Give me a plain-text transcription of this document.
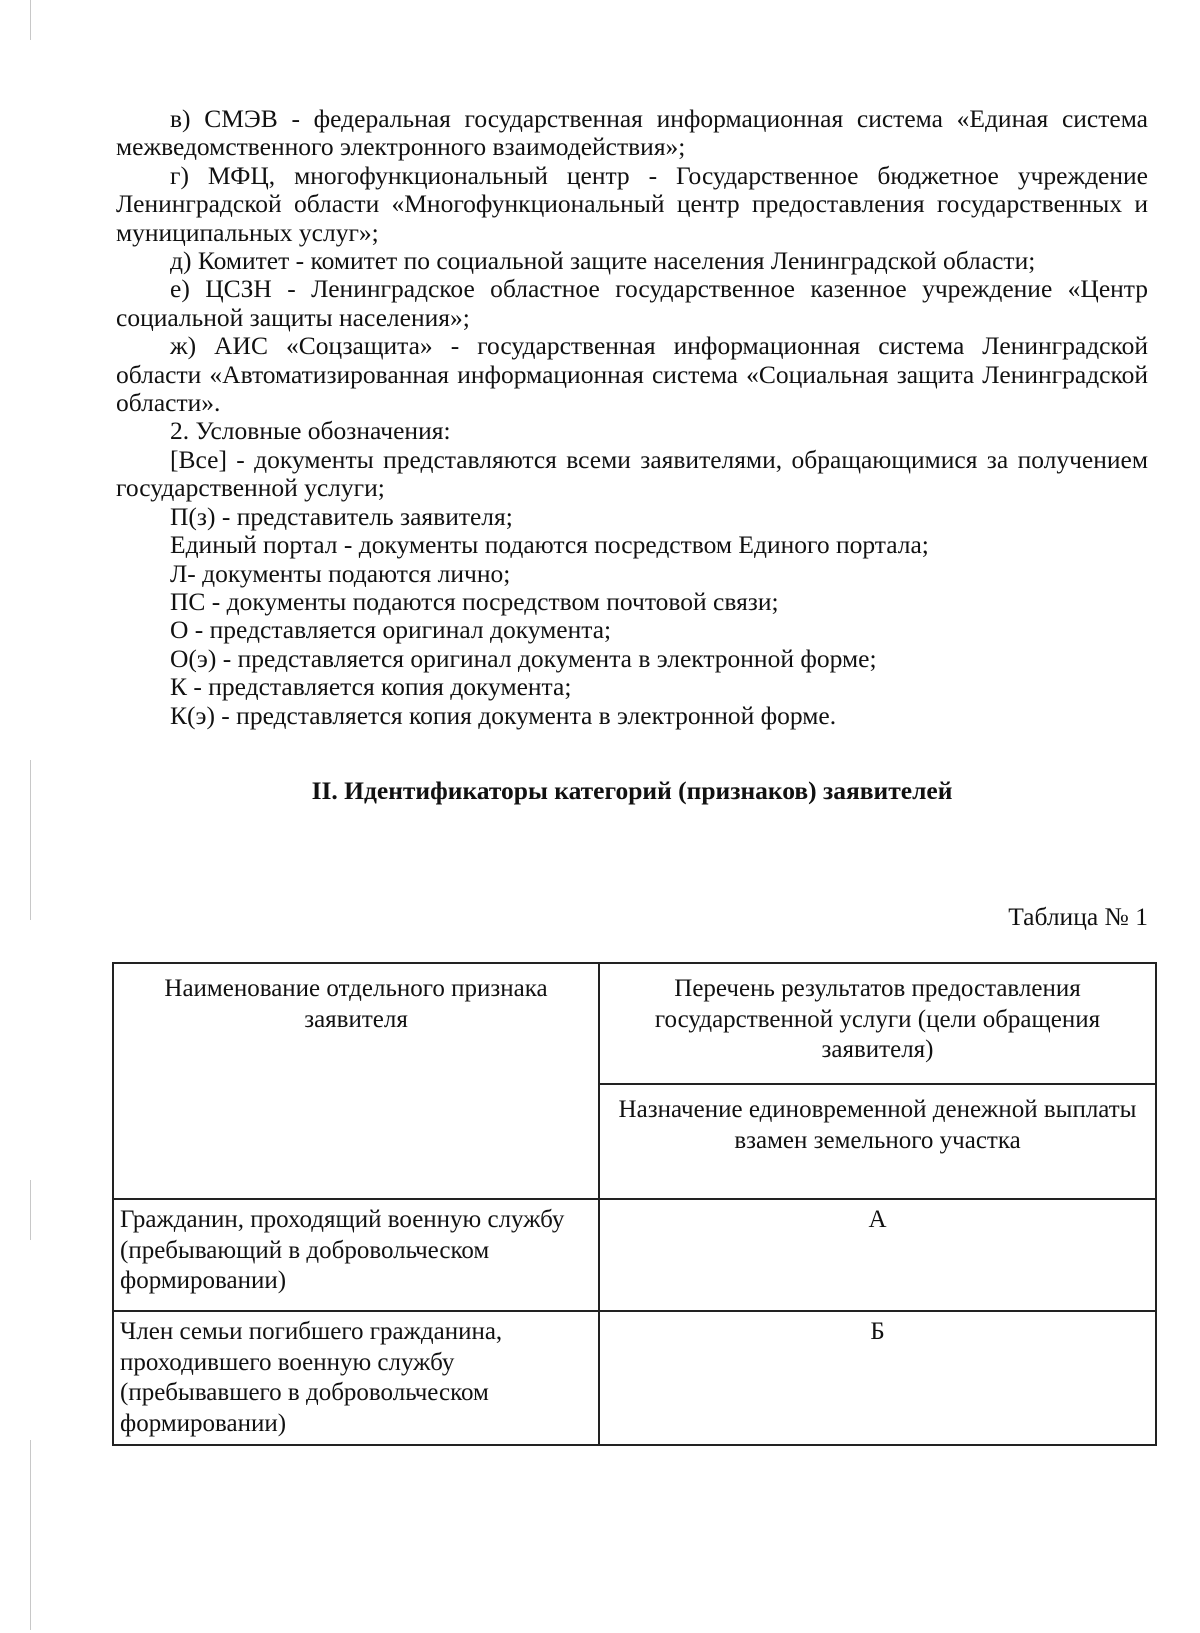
в) СМЭВ - федеральная государственная информационная система «Единая система межведомственного электронного взаимодействия»;

г) МФЦ, многофункциональный центр - Государственное бюджетное учреждение Ленинградской области «Многофункциональный центр предоставления государственных и муниципальных услуг»;

д) Комитет - комитет по социальной защите населения Ленинградской области;

е) ЦСЗН - Ленинградское областное государственное казенное учреждение «Центр социальной защиты населения»;

ж) АИС «Соцзащита» - государственная информационная система Ленинградской области «Автоматизированная информационная система «Социальная защита Ленинградской области».

2. Условные обозначения:

[Все] - документы представляются всеми заявителями, обращающимися за получением государственной услуги;

П(з) - представитель заявителя;

Единый портал - документы подаются посредством Единого портала;

Л- документы подаются лично;

ПС - документы подаются посредством почтовой связи;

О - представляется оригинал документа;

О(э) - представляется оригинал документа в электронной форме;

К - представляется копия документа;

К(э) - представляется копия документа в электронной форме.

II. Идентификаторы категорий (признаков) заявителей

Таблица № 1

Наименование отдельного признака заявителя	Перечень результатов предоставления государственной услуги (цели обращения заявителя)
	Назначение единовременной денежной выплаты взамен земельного участка
Гражданин, проходящий военную службу (пребывающий в добровольческом формировании)	А
Член семьи погибшего гражданина, проходившего военную службу (пребывавшего в добровольческом формировании)	Б
